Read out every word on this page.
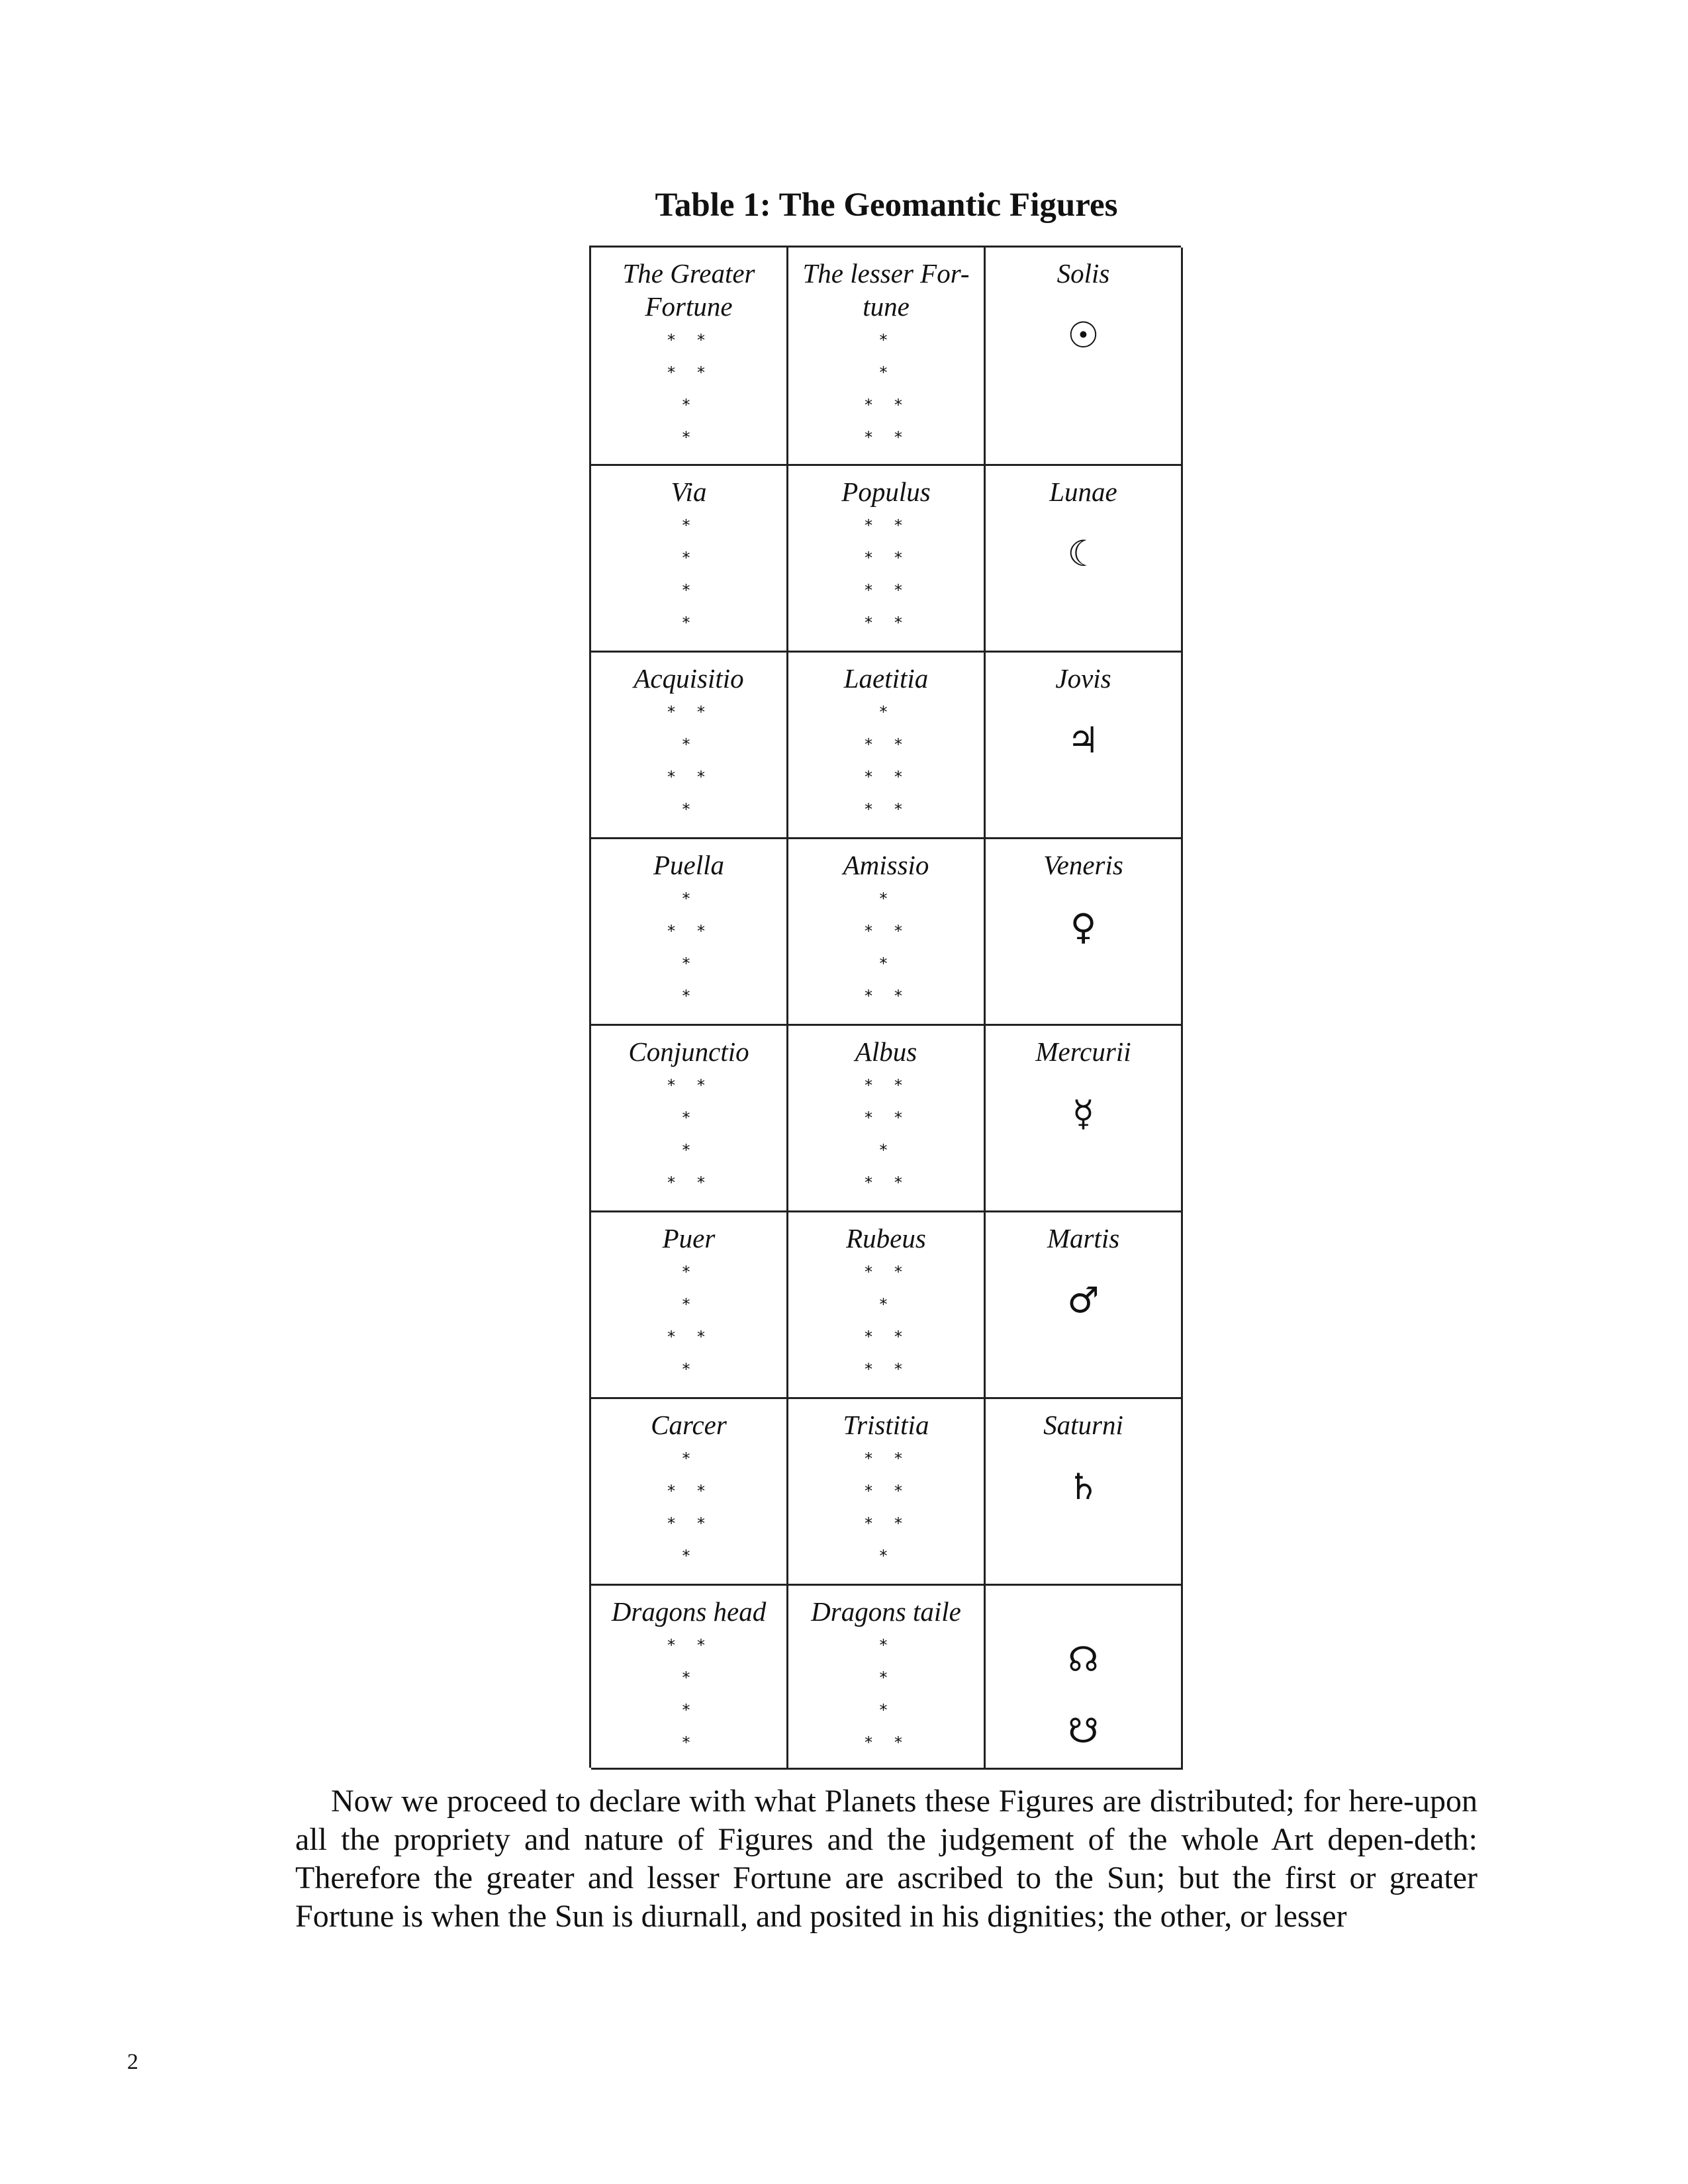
Table 1: The Geomantic Figures
The Greater Fortune
* *
* *
*
*
The lesser For-tune
*
*
* *
* *
Solis
☉
Via
*
*
*
*
Populus
* *
* *
* *
* *
Lunae
☾
Acquisitio
* *
*
* *
*
Laetitia
*
* *
* *
* *
Jovis
♃
Puella
*
* *
*
*
Amissio
*
* *
*
* *
Veneris
♀
Conjunctio
* *
*
*
* *
Albus
* *
* *
*
* *
Mercurii
☿
Puer
*
*
* *
*
Rubeus
* *
*
* *
* *
Martis
♂
Carcer
*
* *
* *
*
Tristitia
* *
* *
* *
*
Saturni
♄
Dragons head
* *
*
*
*
Dragons taile
*
*
*
* *
☊
☋

Now we proceed to declare with what Planets these Figures are distributed; for here-upon all the propriety and nature of Figures and the judgement of the whole Art depen-deth: Therefore the greater and lesser Fortune are ascribed to the Sun; but the first or greater Fortune is when the Sun is diurnall, and posited in his dignities; the other, or lesser

2
